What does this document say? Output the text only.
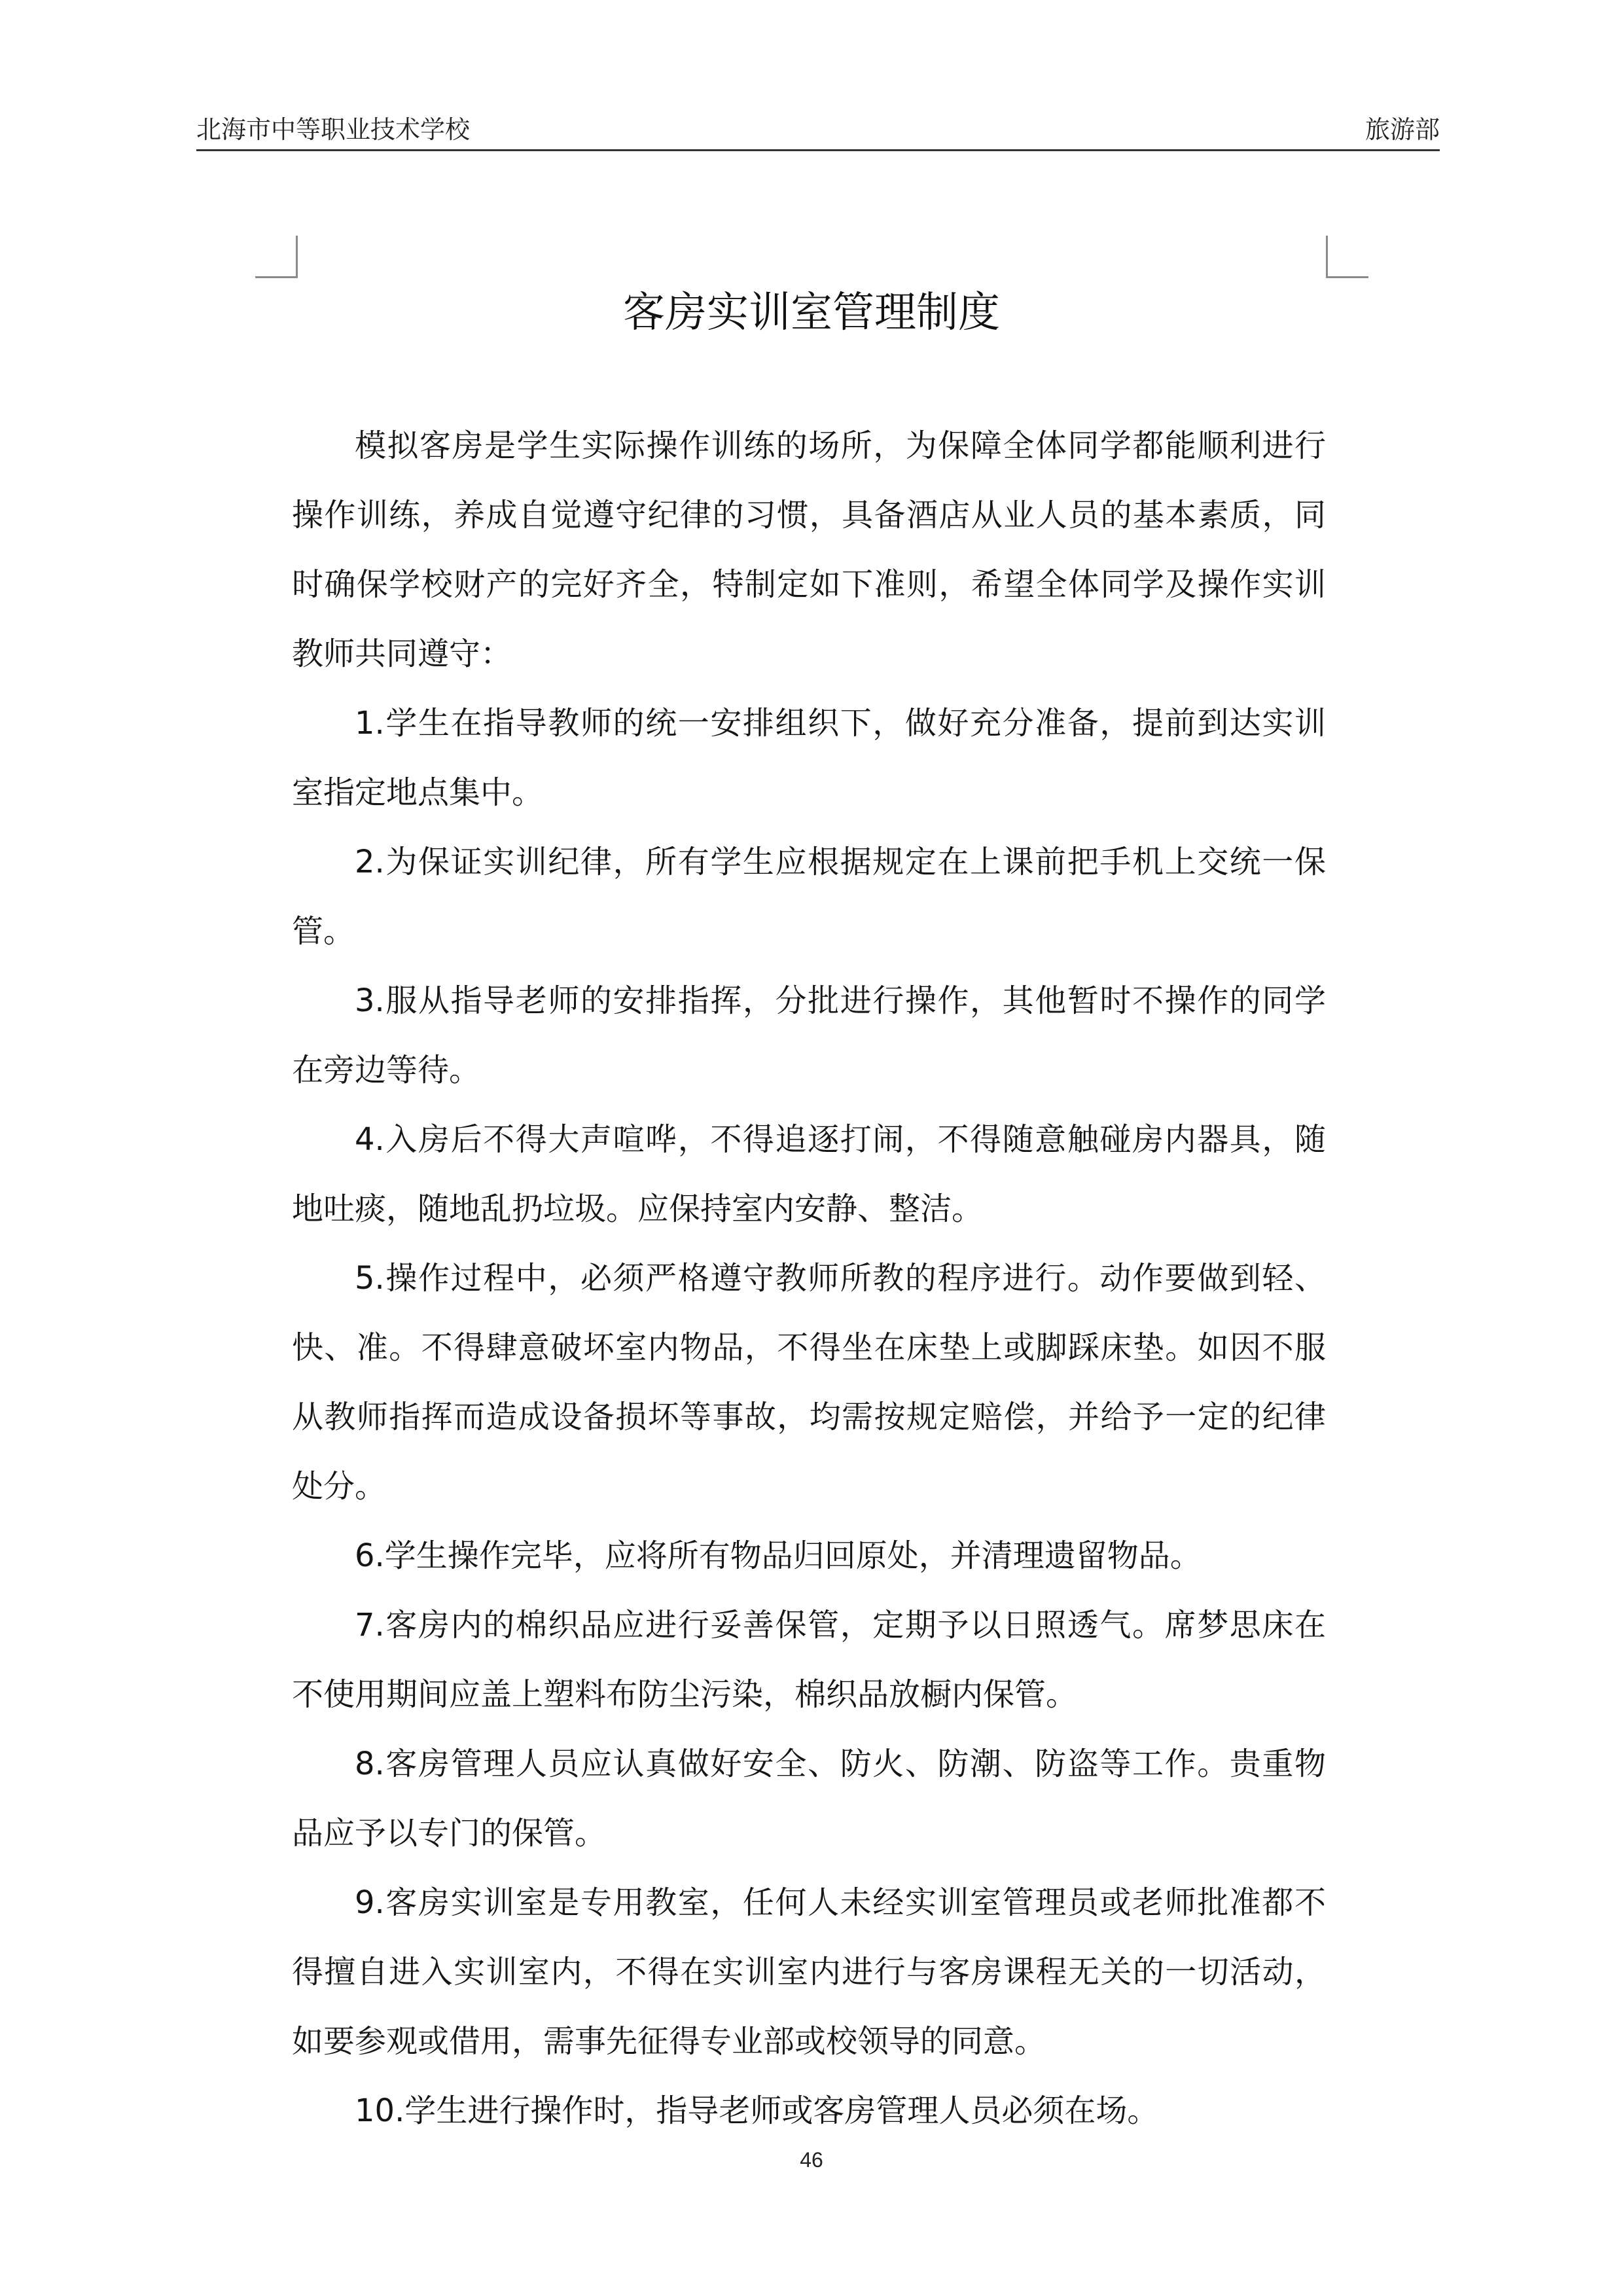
北海市中等职业技术学校	旅游部
客房实训室管理制度

模拟客房是学生实际操作训练的场所，为保障全体同学都能顺利进行操作训练，养成自觉遵守纪律的习惯，具备酒店从业人员的基本素质，同时确保学校财产的完好齐全，特制定如下准则，希望全体同学及操作实训教师共同遵守：

1.学生在指导教师的统一安排组织下，做好充分准备，提前到达实训室指定地点集中。

2.为保证实训纪律，所有学生应根据规定在上课前把手机上交统一保管。

3.服从指导老师的安排指挥，分批进行操作，其他暂时不操作的同学在旁边等待。

4.入房后不得大声喧哗，不得追逐打闹，不得随意触碰房内器具，随地吐痰，随地乱扔垃圾。应保持室内安静、整洁。

5.操作过程中，必须严格遵守教师所教的程序进行。动作要做到轻、快、准。不得肆意破坏室内物品，不得坐在床垫上或脚踩床垫。如因不服从教师指挥而造成设备损坏等事故，均需按规定赔偿，并给予一定的纪律处分。

6.学生操作完毕，应将所有物品归回原处，并清理遗留物品。

7.客房内的棉织品应进行妥善保管，定期予以日照透气。席梦思床在不使用期间应盖上塑料布防尘污染，棉织品放橱内保管。

8.客房管理人员应认真做好安全、防火、防潮、防盗等工作。贵重物品应予以专门的保管。

9.客房实训室是专用教室，任何人未经实训室管理员或老师批准都不得擅自进入实训室内，不得在实训室内进行与客房课程无关的一切活动，如要参观或借用，需事先征得专业部或校领导的同意。

10.学生进行操作时，指导老师或客房管理人员必须在场。

46
